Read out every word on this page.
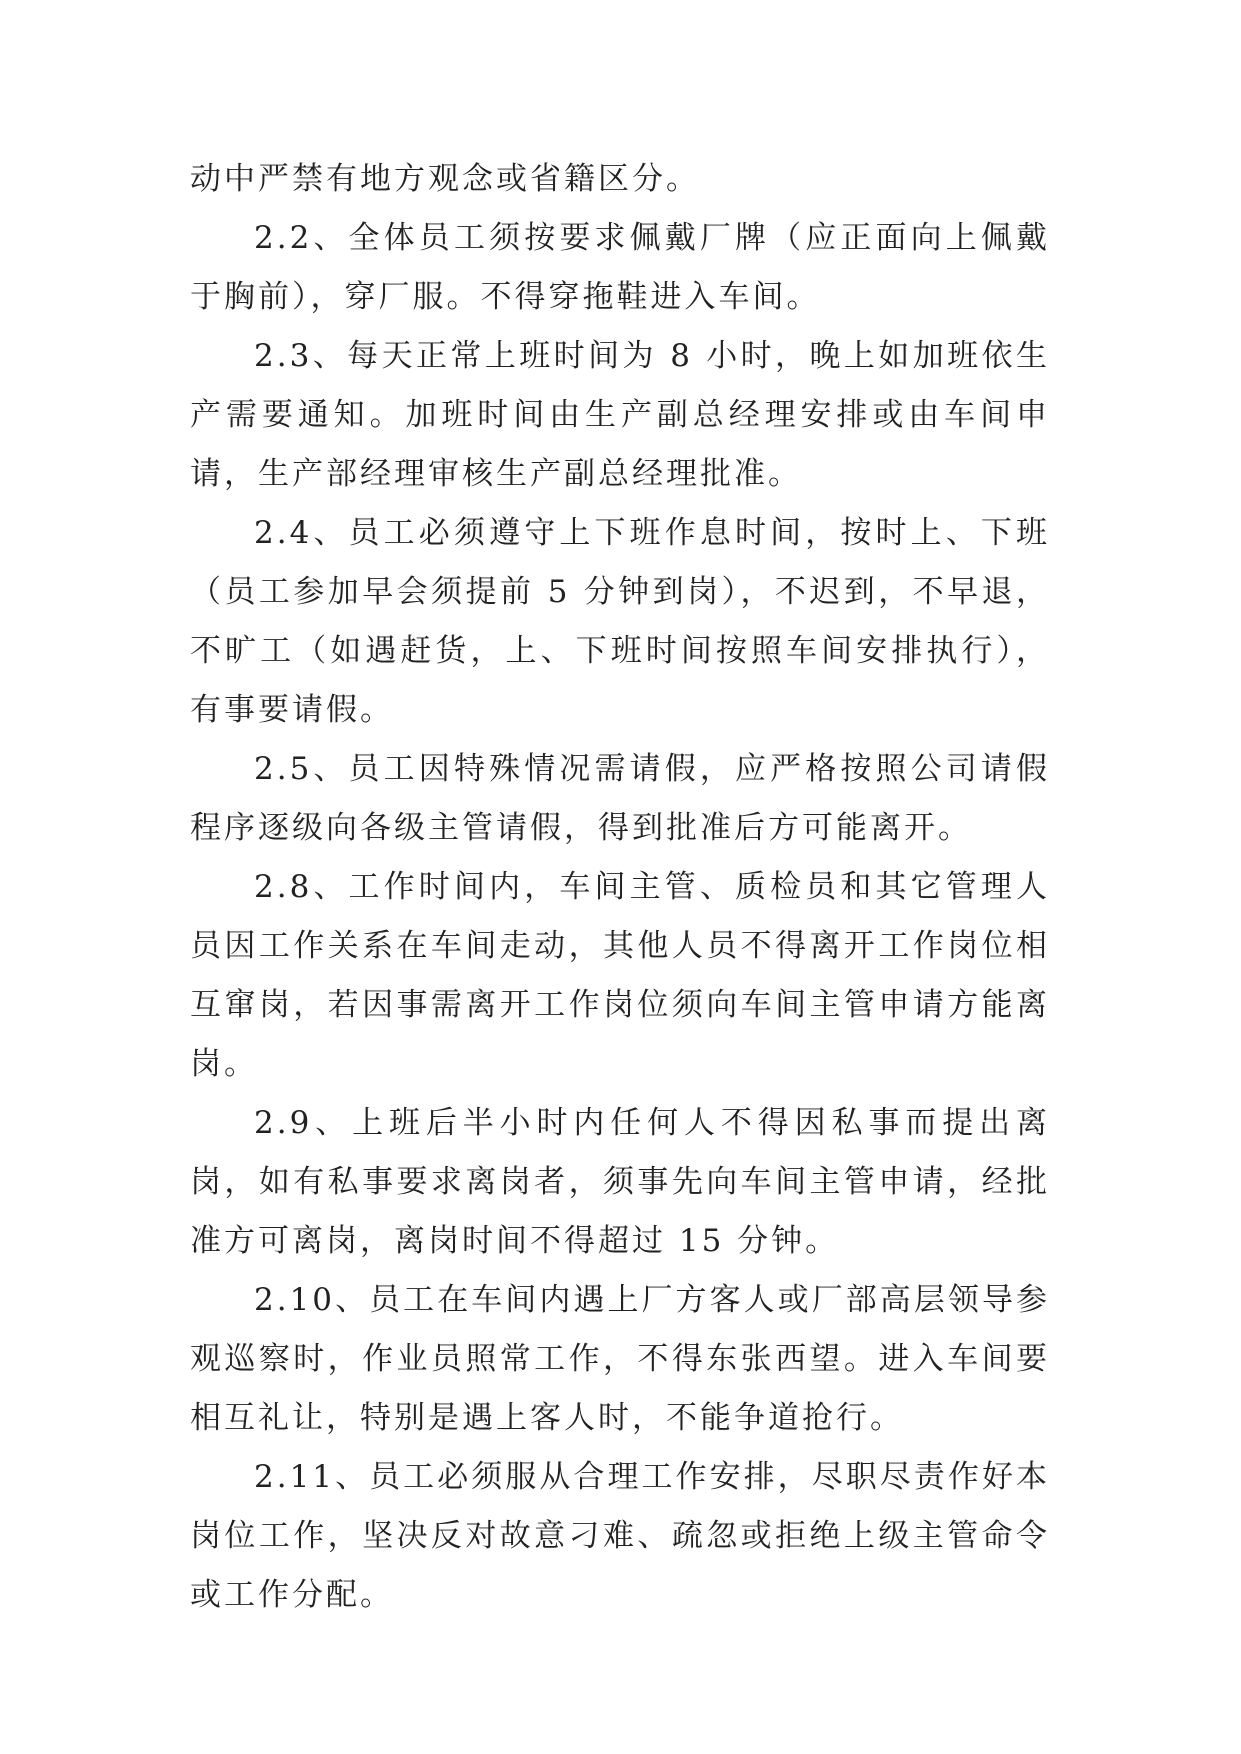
动中严禁有地方观念或省籍区分。

2.2、全体员工须按要求佩戴厂牌（应正面向上佩戴于胸前），穿厂服。不得穿拖鞋进入车间。

2.3、每天正常上班时间为 8 小时，晚上如加班依生产需要通知。加班时间由生产副总经理安排或由车间申请，生产部经理审核生产副总经理批准。

2.4、员工必须遵守上下班作息时间，按时上、下班（员工参加早会须提前 5 分钟到岗），不迟到，不早退，不旷工（如遇赶货，上、下班时间按照车间安排执行），有事要请假。

2.5、员工因特殊情况需请假，应严格按照公司请假程序逐级向各级主管请假，得到批准后方可能离开。

2.8、工作时间内，车间主管、质检员和其它管理人员因工作关系在车间走动，其他人员不得离开工作岗位相互窜岗，若因事需离开工作岗位须向车间主管申请方能离岗。

2.9、上班后半小时内任何人不得因私事而提出离岗，如有私事要求离岗者，须事先向车间主管申请，经批准方可离岗，离岗时间不得超过 15 分钟。

2.10、员工在车间内遇上厂方客人或厂部高层领导参观巡察时，作业员照常工作，不得东张西望。进入车间要相互礼让，特别是遇上客人时，不能争道抢行。

2.11、员工必须服从合理工作安排，尽职尽责作好本岗位工作，坚决反对故意刁难、疏忽或拒绝上级主管命令或工作分配。
